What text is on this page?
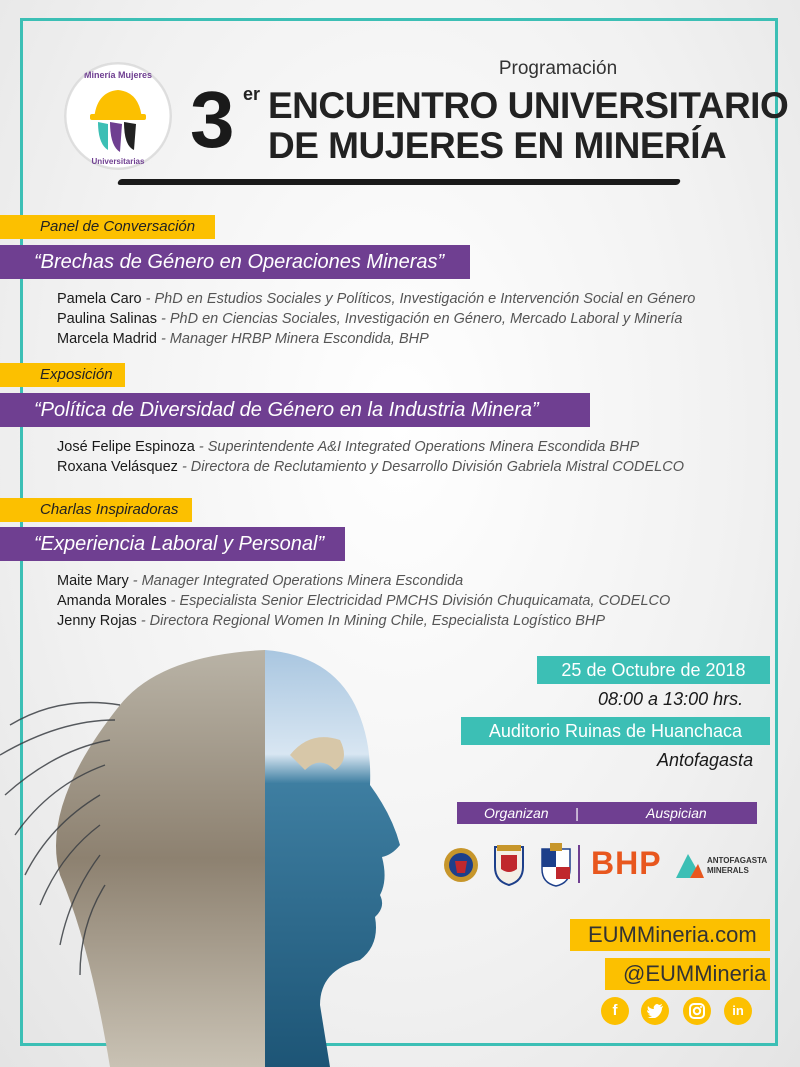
Minería Mujeres
Universitarias
Programación
3 er ENCUENTRO UNIVERSITARIO
DE MUJERES EN MINERÍA
Panel de Conversación
“Brechas de Género en Operaciones Mineras”
Pamela Caro - PhD en Estudios Sociales y Políticos, Investigación e Intervención Social en Género
Paulina Salinas - PhD en Ciencias Sociales, Investigación en Género, Mercado Laboral y Minería
Marcela Madrid - Manager HRBP Minera Escondida, BHP
Exposición
“Política de Diversidad de Género en la Industria Minera”
José Felipe Espinoza - Superintendente A&I Integrated Operations Minera Escondida BHP
Roxana Velásquez - Directora de Reclutamiento y Desarrollo División Gabriela Mistral CODELCO
Charlas Inspiradoras
“Experiencia Laboral y Personal”
Maite Mary - Manager Integrated Operations Minera Escondida
Amanda Morales - Especialista Senior Electricidad PMCHS División Chuquicamata, CODELCO
Jenny Rojas - Directora Regional Women In Mining Chile, Especialista Logístico BHP
25 de Octubre de 2018
08:00 a 13:00 hrs.
Auditorio Ruinas de Huanchaca
Antofagasta
Organizan |	Auspician
BHP	ANTOFAGASTA
MINERALS
EUMMineria.com
@EUMMineria
f	in
